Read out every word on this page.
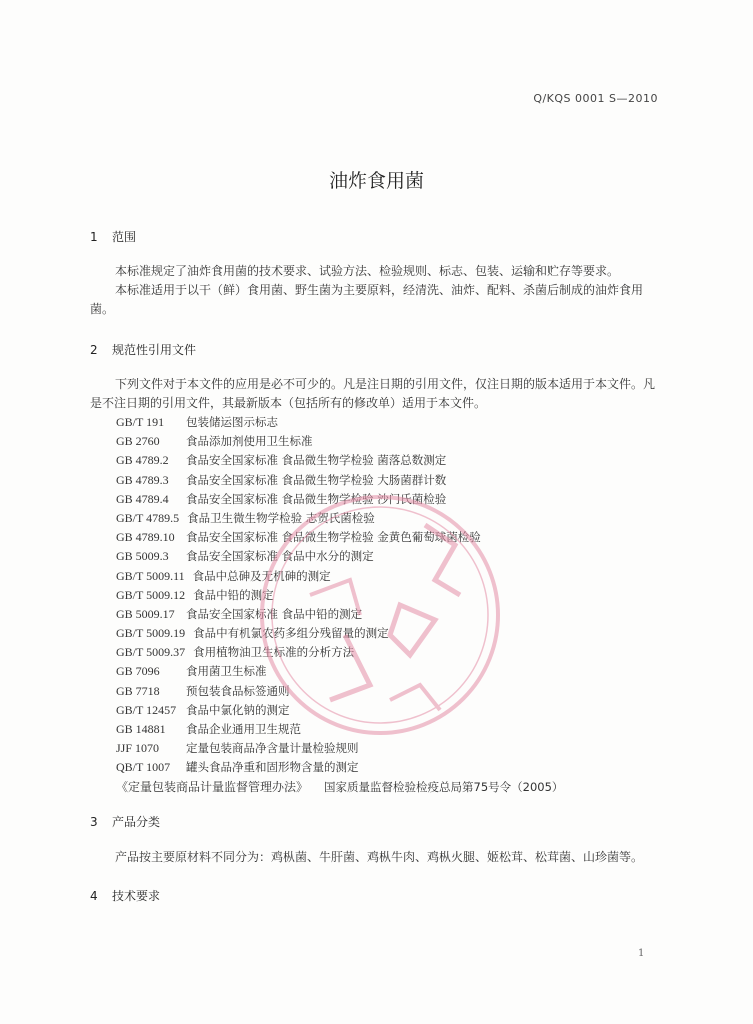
Q/KQS 0001 S—2010
油炸食用菌
1 范围
本标准规定了油炸食用菌的技术要求、试验方法、检验规则、标志、包装、运输和贮存等要求。
本标准适用于以干（鲜）食用菌、野生菌为主要原料，经清洗、油炸、配料、杀菌后制成的油炸食用菌。
2 规范性引用文件
下列文件对于本文件的应用是必不可少的。凡是注日期的引用文件，仅注日期的版本适用于本文件。凡是不注日期的引用文件，其最新版本（包括所有的修改单）适用于本文件。
GB/T 191 包装储运图示标志
GB 2760 食品添加剂使用卫生标准
GB 4789.2 食品安全国家标准 食品微生物学检验 菌落总数测定
GB 4789.3 食品安全国家标准 食品微生物学检验 大肠菌群计数
GB 4789.4 食品安全国家标准 食品微生物学检验 沙门氏菌检验
GB/T 4789.5 食品卫生微生物学检验 志贺氏菌检验
GB 4789.10 食品安全国家标准 食品微生物学检验 金黄色葡萄球菌检验
GB 5009.3 食品安全国家标准 食品中水分的测定
GB/T 5009.11 食品中总砷及无机砷的测定
GB/T 5009.12 食品中铅的测定
GB 5009.17 食品安全国家标准 食品中铅的测定
GB/T 5009.19 食品中有机氯农药多组分残留量的测定
GB/T 5009.37 食用植物油卫生标准的分析方法
GB 7096 食用菌卫生标准
GB 7718 预包装食品标签通则
GB/T 12457 食品中氯化钠的测定
GB 14881 食品企业通用卫生规范
JJF 1070 定量包装商品净含量计量检验规则
QB/T 1007 罐头食品净重和固形物含量的测定
《定量包装商品计量监督管理办法》 国家质量监督检验检疫总局第75号令（2005）
3 产品分类
产品按主要原材料不同分为：鸡枞菌、牛肝菌、鸡枞牛肉、鸡枞火腿、姬松茸、松茸菌、山珍菌等。
4 技术要求
1
